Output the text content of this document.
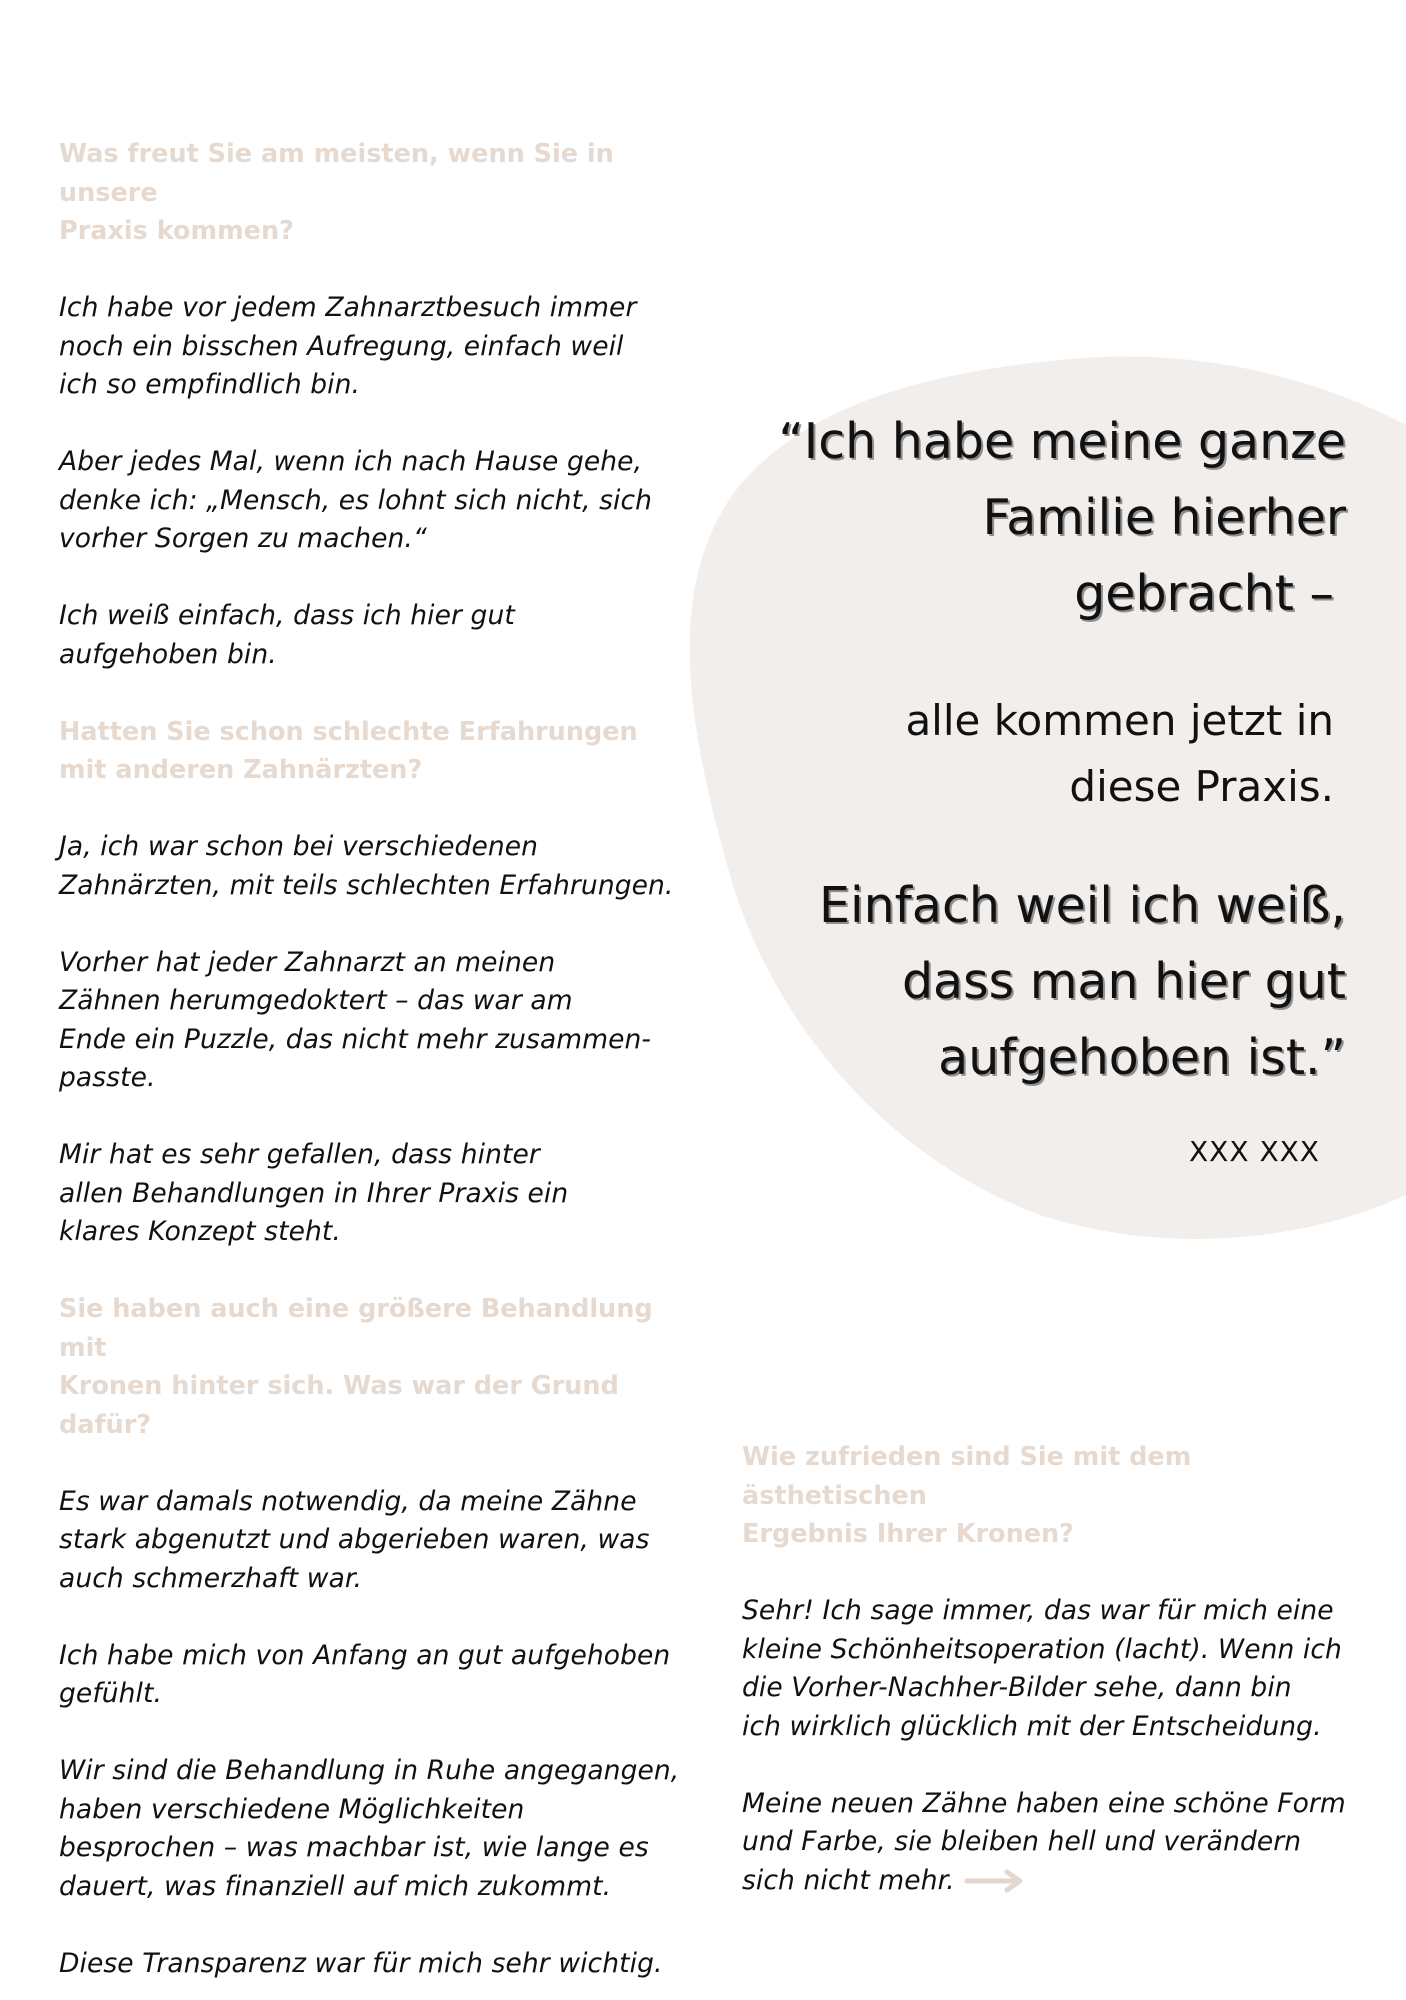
“Ich habe meine ganze
Familie hierher
gebracht –
alle kommen jetzt in
diese Praxis.
Einfach weil ich weiß,
dass man hier gut
aufgehoben ist.”
XXX XXX
Was freut Sie am meisten, wenn Sie in unsere
Praxis kommen?
Ich habe vor jedem Zahnarztbesuch immer
noch ein bisschen Aufregung, einfach weil
ich so empfindlich bin.
Aber jedes Mal, wenn ich nach Hause gehe,
denke ich: „Mensch, es lohnt sich nicht, sich
vorher Sorgen zu machen.“
Ich weiß einfach, dass ich hier gut
aufgehoben bin.
Hatten Sie schon schlechte Erfahrungen
mit anderen Zahnärzten?
Ja, ich war schon bei verschiedenen
Zahnärzten, mit teils schlechten Erfahrungen.
Vorher hat jeder Zahnarzt an meinen
Zähnen herumgedoktert – das war am
Ende ein Puzzle, das nicht mehr zusammen-
passte.
Mir hat es sehr gefallen, dass hinter
allen Behandlungen in Ihrer Praxis ein
klares Konzept steht.
Sie haben auch eine größere Behandlung mit
Kronen hinter sich. Was war der Grund dafür?
Es war damals notwendig, da meine Zähne
stark abgenutzt und abgerieben waren, was
auch schmerzhaft war.
Ich habe mich von Anfang an gut aufgehoben
gefühlt.
Wir sind die Behandlung in Ruhe angegangen,
haben verschiedene Möglichkeiten
besprochen – was machbar ist, wie lange es
dauert, was finanziell auf mich zukommt.
Diese Transparenz war für mich sehr wichtig.
Wie zufrieden sind Sie mit dem ästhetischen
Ergebnis Ihrer Kronen?
Sehr! Ich sage immer, das war für mich eine
kleine Schönheitsoperation (lacht). Wenn ich
die Vorher-Nachher-Bilder sehe, dann bin
ich wirklich glücklich mit der Entscheidung.
Meine neuen Zähne haben eine schöne Form
und Farbe, sie bleiben hell und verändern
sich nicht mehr.
